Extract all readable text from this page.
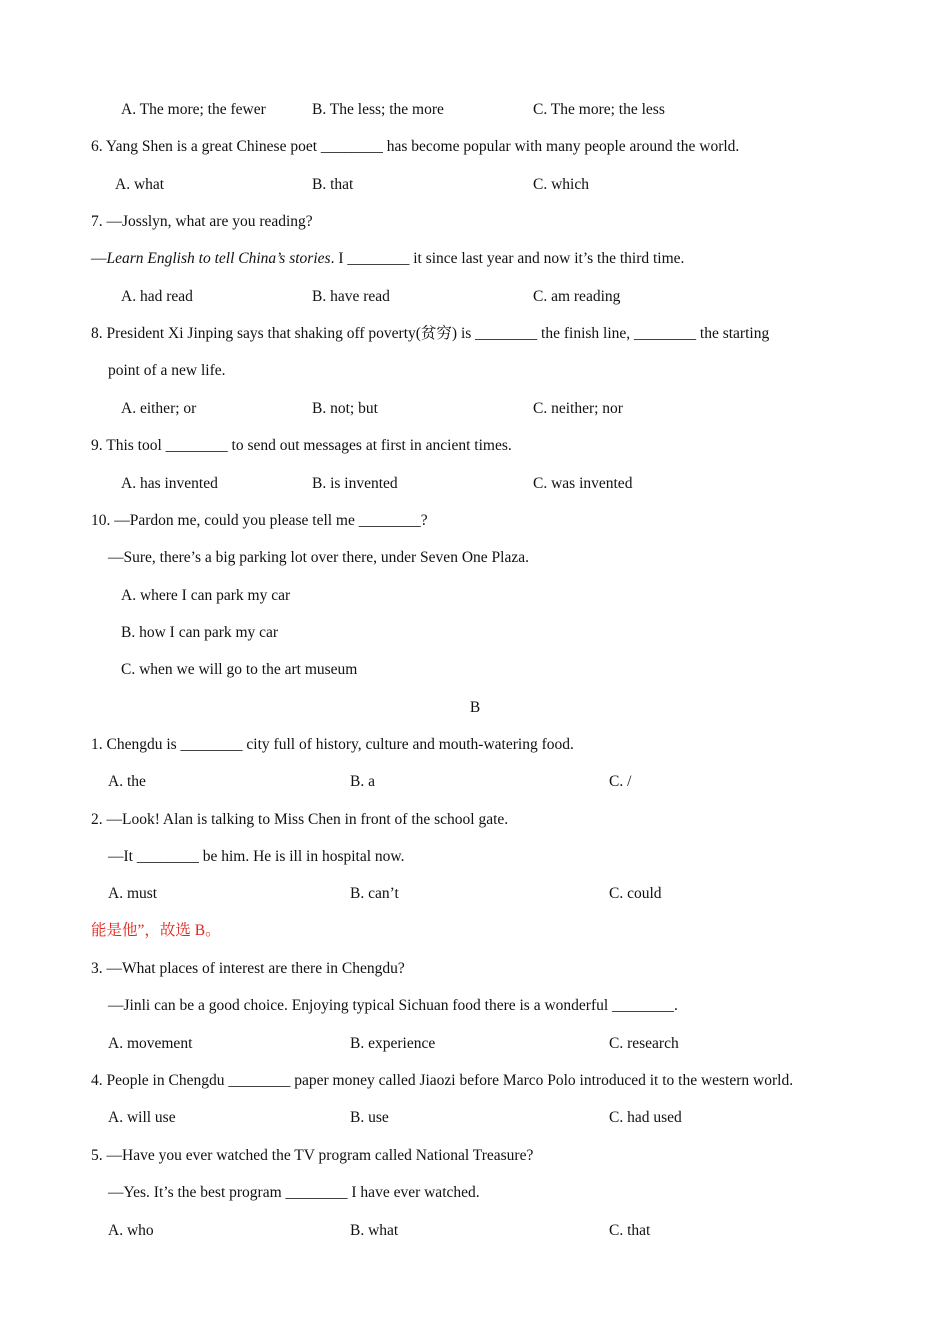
A. The more; the fewer	B. The less; the more	C. The more; the less
6. Yang Shen is a great Chinese poet ________ has become popular with many people around the world.
A. what	B. that	C. which
7. —Josslyn, what are you reading?
—Learn English to tell China’s stories. I ________ it since last year and now it’s the third time.
A. had read	B. have read	C. am reading
8. President Xi Jinping says that shaking off poverty(贫穷) is ________ the finish line, ________ the starting
point of a new life.
A. either; or	B. not; but	C. neither; nor
9. This tool ________ to send out messages at first in ancient times.
A. has invented	B. is invented	C. was invented
10. —Pardon me, could you please tell me ________?
—Sure, there’s a big parking lot over there, under Seven One Plaza.
A. where I can park my car
B. how I can park my car
C. when we will go to the art museum
B
1. Chengdu is ________ city full of history, culture and mouth-watering food.
A. the	B. a	C. /
2. —Look! Alan is talking to Miss Chen in front of the school gate.
—It ________ be him. He is ill in hospital now.
A. must	B. can’t	C. could
能是他”，故选 B。
3. —What places of interest are there in Chengdu?
—Jinli can be a good choice. Enjoying typical Sichuan food there is a wonderful ________.
A. movement	B. experience	C. research
4. People in Chengdu ________ paper money called Jiaozi before Marco Polo introduced it to the western world.
A. will use	B. use	C. had used
5. —Have you ever watched the TV program called National Treasure?
—Yes. It’s the best program ________ I have ever watched.
A. who	B. what	C. that
